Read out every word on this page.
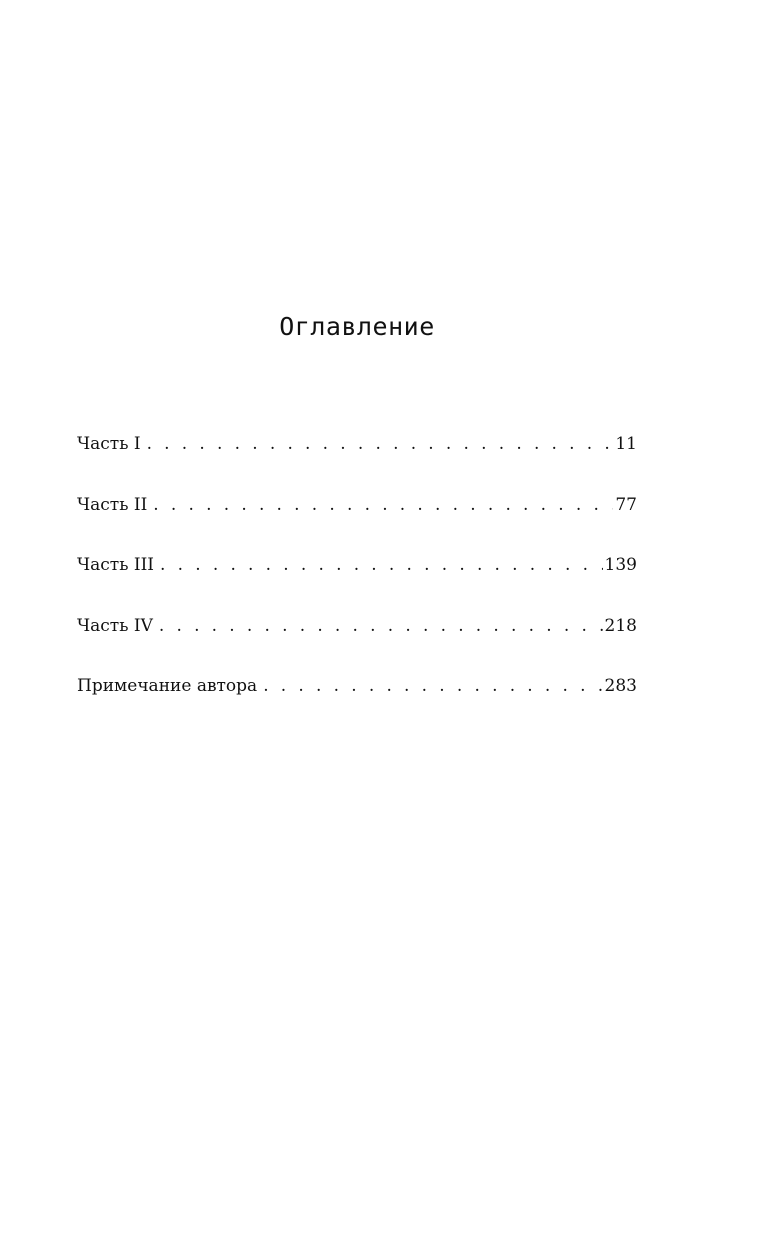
Оглавление
Часть I . . .	11
Часть II . . .	77
Часть III . . .	139
Часть IV . . .	218
Примечание автора . . .	283
